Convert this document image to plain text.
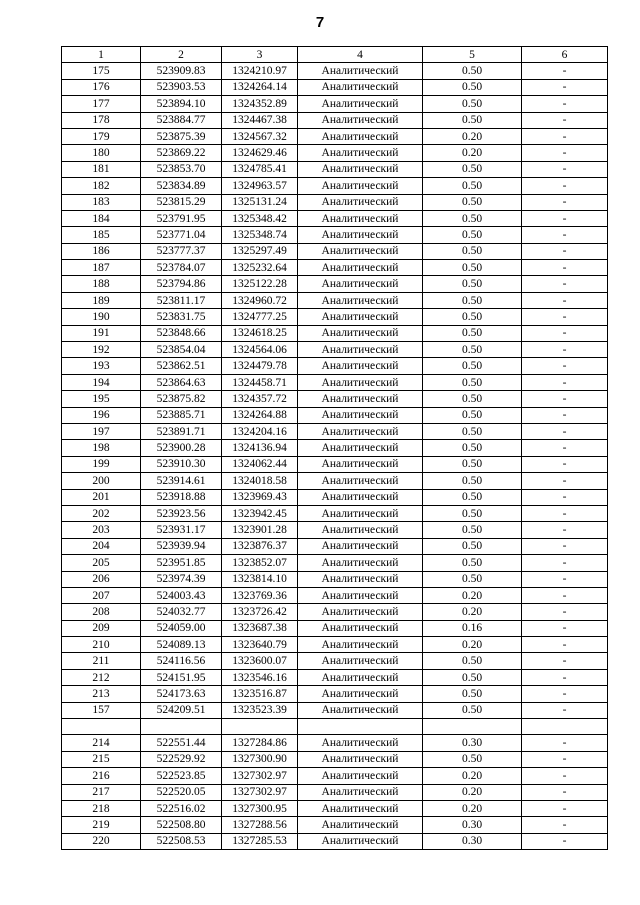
7
1	2	3	4	5	6
175	523909.83	1324210.97	Аналитический	0.50	-
176	523903.53	1324264.14	Аналитический	0.50	-
177	523894.10	1324352.89	Аналитический	0.50	-
178	523884.77	1324467.38	Аналитический	0.50	-
179	523875.39	1324567.32	Аналитический	0.20	-
180	523869.22	1324629.46	Аналитический	0.20	-
181	523853.70	1324785.41	Аналитический	0.50	-
182	523834.89	1324963.57	Аналитический	0.50	-
183	523815.29	1325131.24	Аналитический	0.50	-
184	523791.95	1325348.42	Аналитический	0.50	-
185	523771.04	1325348.74	Аналитический	0.50	-
186	523777.37	1325297.49	Аналитический	0.50	-
187	523784.07	1325232.64	Аналитический	0.50	-
188	523794.86	1325122.28	Аналитический	0.50	-
189	523811.17	1324960.72	Аналитический	0.50	-
190	523831.75	1324777.25	Аналитический	0.50	-
191	523848.66	1324618.25	Аналитический	0.50	-
192	523854.04	1324564.06	Аналитический	0.50	-
193	523862.51	1324479.78	Аналитический	0.50	-
194	523864.63	1324458.71	Аналитический	0.50	-
195	523875.82	1324357.72	Аналитический	0.50	-
196	523885.71	1324264.88	Аналитический	0.50	-
197	523891.71	1324204.16	Аналитический	0.50	-
198	523900.28	1324136.94	Аналитический	0.50	-
199	523910.30	1324062.44	Аналитический	0.50	-
200	523914.61	1324018.58	Аналитический	0.50	-
201	523918.88	1323969.43	Аналитический	0.50	-
202	523923.56	1323942.45	Аналитический	0.50	-
203	523931.17	1323901.28	Аналитический	0.50	-
204	523939.94	1323876.37	Аналитический	0.50	-
205	523951.85	1323852.07	Аналитический	0.50	-
206	523974.39	1323814.10	Аналитический	0.50	-
207	524003.43	1323769.36	Аналитический	0.20	-
208	524032.77	1323726.42	Аналитический	0.20	-
209	524059.00	1323687.38	Аналитический	0.16	-
210	524089.13	1323640.79	Аналитический	0.20	-
211	524116.56	1323600.07	Аналитический	0.50	-
212	524151.95	1323546.16	Аналитический	0.50	-
213	524173.63	1323516.87	Аналитический	0.50	-
157	524209.51	1323523.39	Аналитический	0.50	-

214	522551.44	1327284.86	Аналитический	0.30	-
215	522529.92	1327300.90	Аналитический	0.50	-
216	522523.85	1327302.97	Аналитический	0.20	-
217	522520.05	1327302.97	Аналитический	0.20	-
218	522516.02	1327300.95	Аналитический	0.20	-
219	522508.80	1327288.56	Аналитический	0.30	-
220	522508.53	1327285.53	Аналитический	0.30	-
